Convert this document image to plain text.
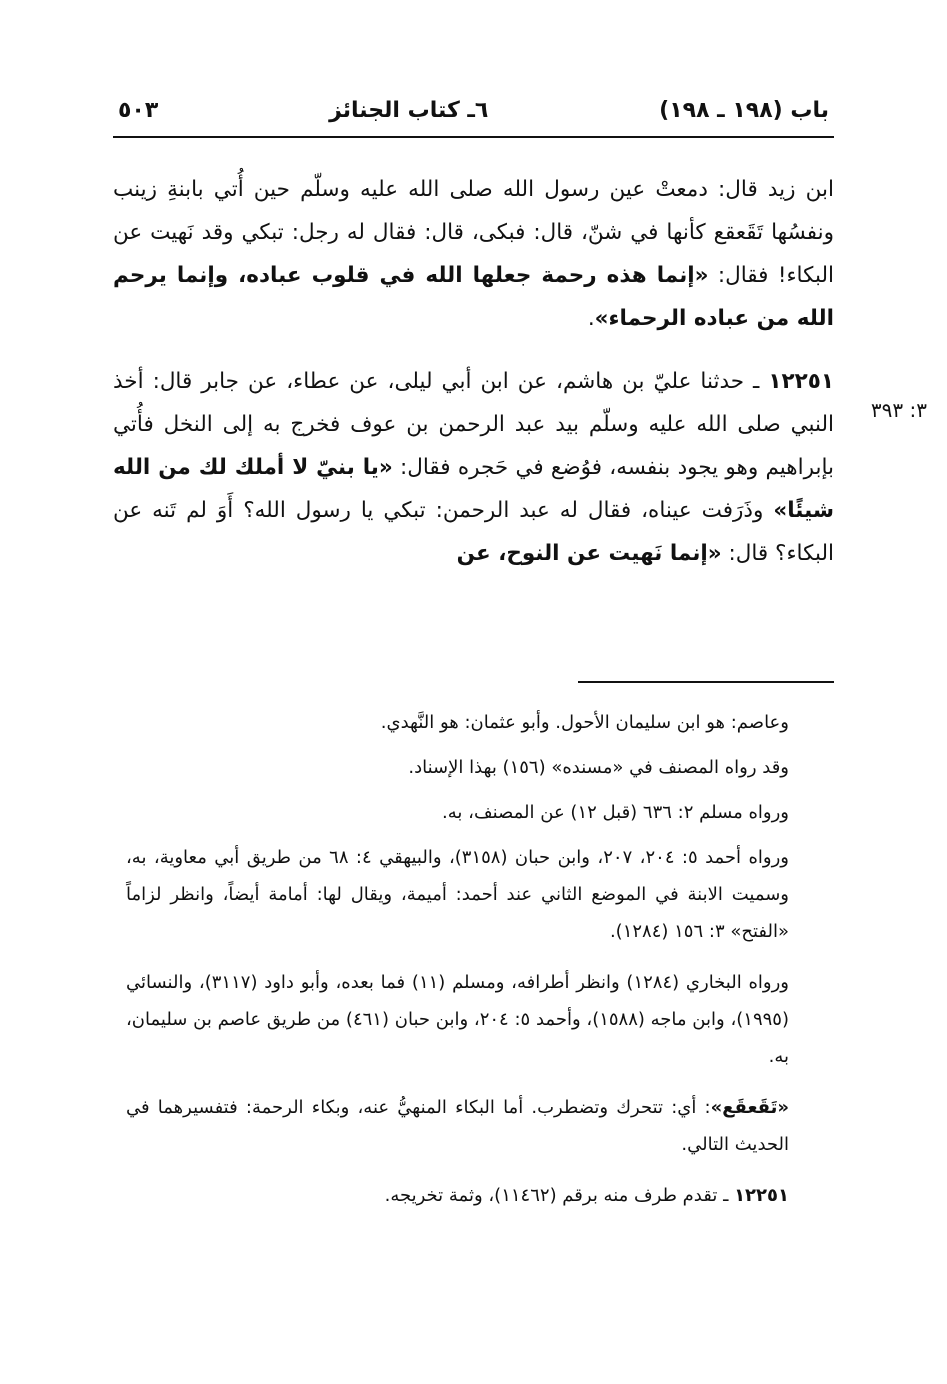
باب (١٩٨ ـ ١٩٨)
٦ـ كتاب الجنائز
٥٠٣
٣: ٣٩٣

ابن زيد قال: دمعتْ عين رسول الله صلى الله عليه وسلّم حين أُتي بابنةِ زينب ونفسُها تَقَعقع كأنها في شنّ، قال: فبكى، قال: فقال له رجل: تبكي وقد نَهيت عن البكاء! فقال: «إنما هذه رحمة جعلها الله في قلوب عباده، وإنما يرحم الله من عباده الرحماء».

١٢٢٥١ ـ حدثنا عليّ بن هاشم، عن ابن أبي ليلى، عن عطاء، عن جابر قال: أخذ النبي صلى الله عليه وسلّم بيد عبد الرحمن بن عوف فخرج به إلى النخل فأُتي بإبراهيم وهو يجود بنفسه، فوُضع في حَجره فقال: «يا بنيّ لا أملك لك من الله شيئًا» وذَرَفت عيناه، فقال له عبد الرحمن: تبكي يا رسول الله؟ أَوَ لم تَنه عن البكاء؟ قال: «إنما نَهيت عن النوح، عن

وعاصم: هو ابن سليمان الأحول. وأبو عثمان: هو النَّهدي.

وقد رواه المصنف في «مسنده» (١٥٦) بهذا الإسناد.

ورواه مسلم ٢: ٦٣٦ (قبل ١٢) عن المصنف، به.

ورواه أحمد ٥: ٢٠٤، ٢٠٧، وابن حبان (٣١٥٨)، والبيهقي ٤: ٦٨ من طريق أبي معاوية، به، وسميت الابنة في الموضع الثاني عند أحمد: أميمة، ويقال لها: أمامة أيضاً، وانظر لزاماً «الفتح» ٣: ١٥٦ (١٢٨٤).

ورواه البخاري (١٢٨٤) وانظر أطرافه، ومسلم (١١) فما بعده، وأبو داود (٣١١٧)، والنسائي (١٩٩٥)، وابن ماجه (١٥٨٨)، وأحمد ٥: ٢٠٤، وابن حبان (٤٦١) من طريق عاصم بن سليمان، به.

«تَقَعقَع»: أي: تتحرك وتضطرب. أما البكاء المنهيُّ عنه، وبكاء الرحمة: فتفسيرهما في الحديث التالي.

١٢٢٥١ ـ تقدم طرف منه برقم (١١٤٦٢)، وثمة تخريجه.
